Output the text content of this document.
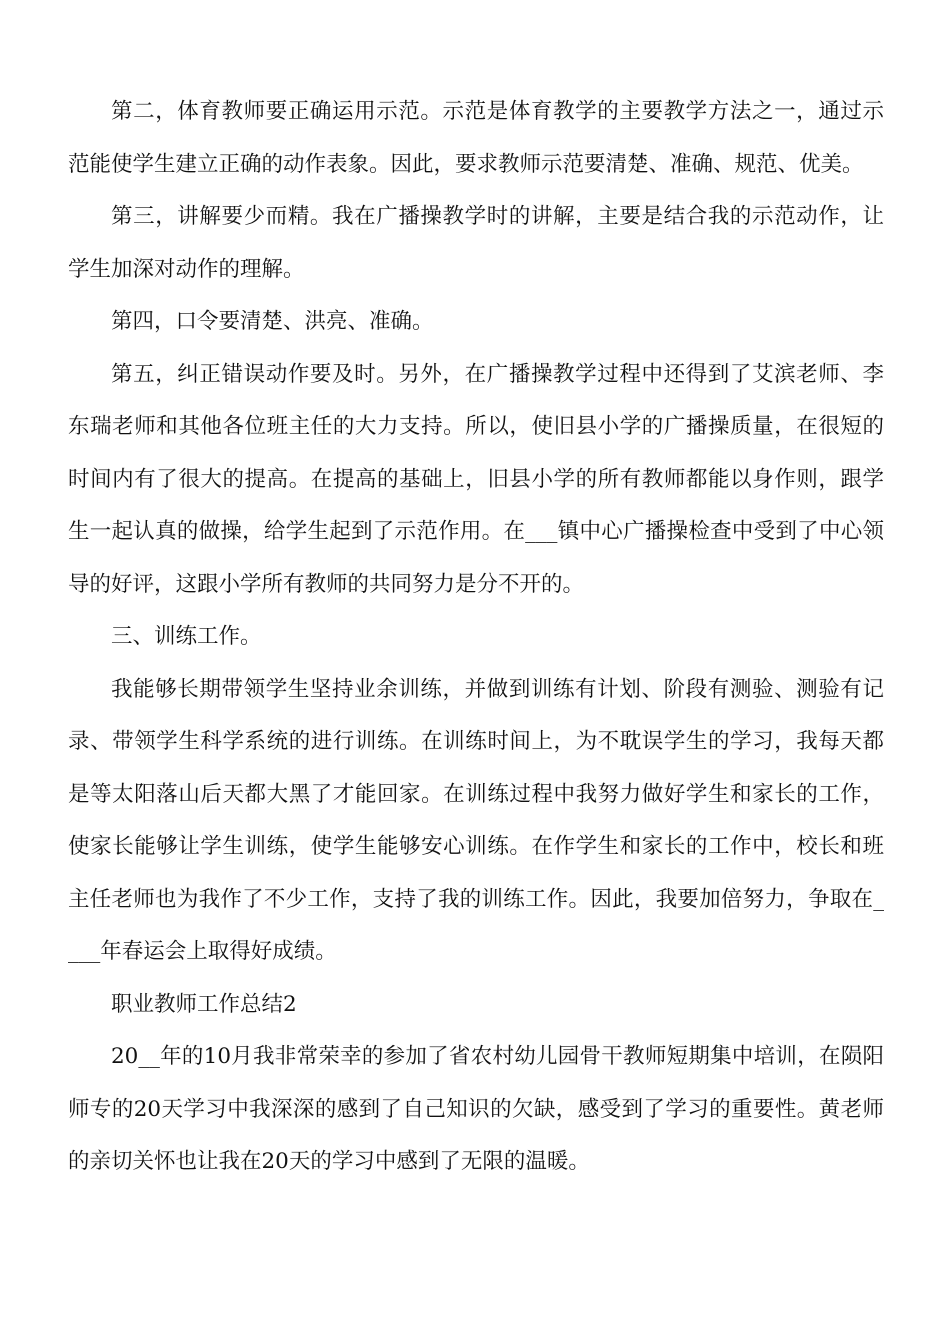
第二，体育教师要正确运用示范。示范是体育教学的主要教学方法之一，通过示范能使学生建立正确的动作表象。因此，要求教师示范要清楚、准确、规范、优美。

第三，讲解要少而精。我在广播操教学时的讲解，主要是结合我的示范动作，让学生加深对动作的理解。

第四，口令要清楚、洪亮、准确。

第五，纠正错误动作要及时。另外，在广播操教学过程中还得到了艾滨老师、李东瑞老师和其他各位班主任的大力支持。所以，使旧县小学的广播操质量，在很短的时间内有了很大的提高。在提高的基础上，旧县小学的所有教师都能以身作则，跟学生一起认真的做操，给学生起到了示范作用。在___镇中心广播操检查中受到了中心领导的好评，这跟小学所有教师的共同努力是分不开的。

三、训练工作。

我能够长期带领学生坚持业余训练，并做到训练有计划、阶段有测验、测验有记录、带领学生科学系统的进行训练。在训练时间上，为不耽误学生的学习，我每天都是等太阳落山后天都大黑了才能回家。在训练过程中我努力做好学生和家长的工作，使家长能够让学生训练，使学生能够安心训练。在作学生和家长的工作中，校长和班主任老师也为我作了不少工作，支持了我的训练工作。因此，我要加倍努力，争取在____年春运会上取得好成绩。

职业教师工作总结2

20__年的10月我非常荣幸的参加了省农村幼儿园骨干教师短期集中培训，在陨阳师专的20天学习中我深深的感到了自己知识的欠缺，感受到了学习的重要性。黄老师的亲切关怀也让我在20天的学习中感到了无限的温暖。
